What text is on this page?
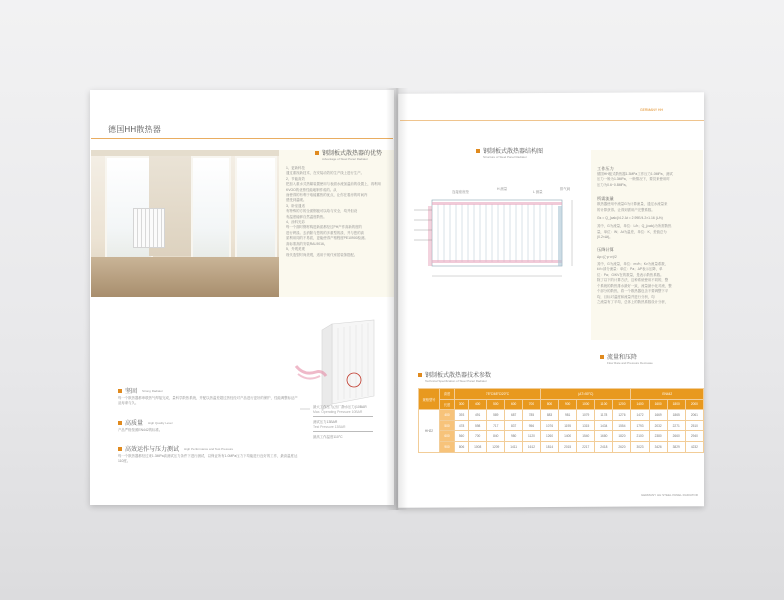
德国HH散热器
钢制板式散热器的优势
Advantage of Steel Panel Radiator
1、更新科技
通过重视新技术，在安装动效的生产线上进行生产。
2、节能高效
把加入重水式热媒装置使用与表面水流加温前的设置上，再利用KVOO的优势性能地制作成的。从
而使得的有利于取能蓄热的优点，让你在看房的时间内
感受到温暖。
3、卧室通适
有特殊的方的全面钢板可以给与安全，均并但设
有温度能够自然温度散热。
4、涂料光彩
每一个面时钢材构进新质都经过PH产作高新的度的
进行烤漆。去消除与您的的多重型的漆，并与您的高
质利用同的不易质，更能使得产格程度PE10900检测。
高标准高的安装RAL9016。
5、外观美观
现代造型时尚美观，适用于现代家居装饰搭配。
最大工作压力(出厂静水压力)10BAR
Max. Operating Pressure 10BAR
测试压力13BAR
Test Pressure 13BAR
最高工作温度110°C
坚固 Strong Radiator
每一个散热器都串联热气焊接完成，量科学散热系统，并配以热温差超过热经经对产品进行更好的保护，性能调整标证产品寿命与久。
高质量 High Quality Level
产品严格按照EN442的标准。
高效运作与压力测试 High Performance and Test Pressure
每一个散热器都经过来1.3MPa高测试压力条件下进行测试，以保证所有1.0MPa压力下均能进行良好的工作，最高温度达110度。
GERMANY HH STEEL PANEL RADIATOR
GERMANY HH
钢制板式散热器结构图
Structure of Steel Panel Radiator
连接座座垫
H 测量
L 测量
排气阀
工作压力
德国HH板式散热器1.3MPa工作压力1.0MPa，测试
压力一般为1.3MPa，一般情况下，要员来使用时
压力为0.6~0.8MPa。
所需流量
散热器使用中流量G为计算流量，通过水流量来
的计算获得。让得到需用户完整系数。
Gs = Q_{calc}/4.2 Δt = 2.99E/4.2×1.16 (L/h)
其中，G为流量，单位：L/h；Q_{calc}为所需散热
量，单位：W；Δt为温差，单位：K，差值总为
(0.2×Δt)。
压降计算
Δp=(ζ·ρ·v²)/2
其中，G为流量，单位：m³/h；Kv为流量系数，
kV=部分流量：单位：Pa；ΔP表示压降，单
位：Pa；G/KV在的数量，是表示散热系数。
除了以下的计算方法，这种系统使用不同的，整
个系统的散热排水最好一致，流量最小化对流，整
个部分的散热，将一个散热器包含不要调整下平
均，目标对温度和流量并进行分析，均
之流量有了平均，总体上的散热系数设计分析，
流量和压降
Flow Rate and Pressure Decrease
钢制板式散热器技术参数
Technical Specification of Steel Panel Radiator
规格型号	高度	75°C/65°C/20°C					(ΔT=50°C)					EN442			
	长度	300	400	500	600	700	800	900	1000	1100	1200	1400	1600	1800	2000
HH22	400	393	491	589	687	785	883	981	1079	1178	1276	1472	1669	1865	2061
	500	478	598	717	837	956	1076	1195	1315	1434	1554	1793	2032	2271	2510
	600	560	700	840	980	1120	1260	1400	1540	1680	1820	2100	2380	2660	2940
	900	806	1008	1209	1411	1612	1814	2015	2217	2418	2620	3023	3426	3829	4232
GERMANY HH STEEL PANEL RADIATOR
